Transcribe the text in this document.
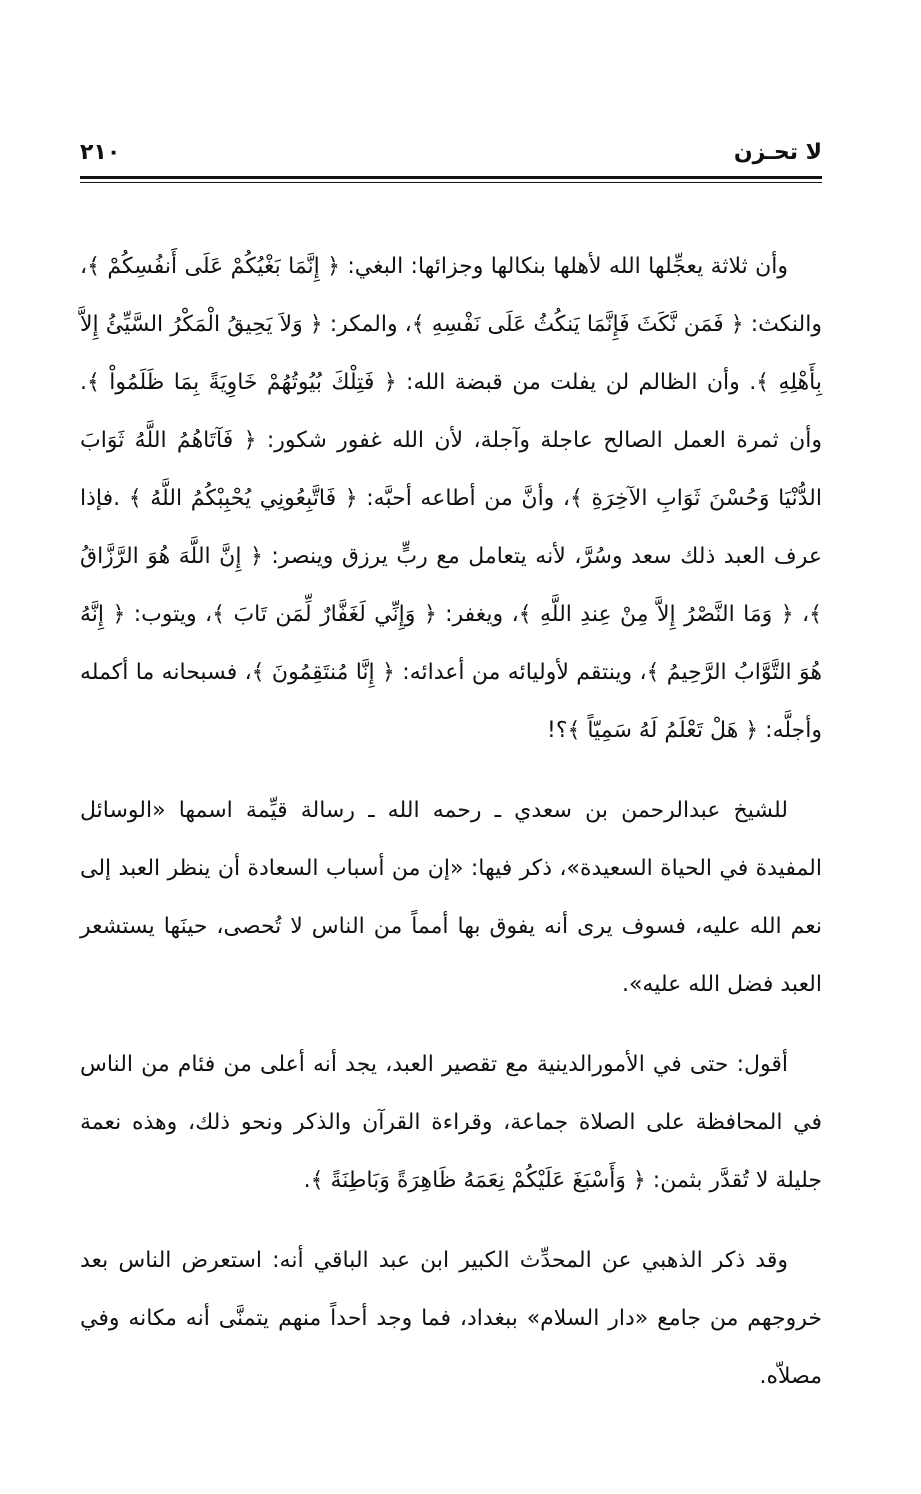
لا تحـزن
٢١٠

وأن ثلاثة يعجِّلها الله لأهلها بنكالها وجزائها: البغي: ﴿ إِنَّمَا بَغْيُكُمْ عَلَى أَنفُسِكُمْ ﴾، والنكث: ﴿ فَمَن نَّكَثَ فَإِنَّمَا يَنكُثُ عَلَى نَفْسِهِ ﴾، والمكر: ﴿ وَلاَ يَحِيقُ الْمَكْرُ السَّيِّئُ إِلاَّ بِأَهْلِهِ ﴾. وأن الظالم لن يفلت من قبضة الله: ﴿ فَتِلْكَ بُيُوتُهُمْ خَاوِيَةً بِمَا ظَلَمُواْ ﴾. وأن ثمرة العمل الصالح عاجلة وآجلة، لأن الله غفور شكور: ﴿ فَآتَاهُمُ اللَّهُ ثَوَابَ الدُّنْيَا وَحُسْنَ ثَوَابِ الآخِرَةِ ﴾، وأنَّ من أطاعه أحبَّه: ﴿ فَاتَّبِعُونِي يُحْبِبْكُمُ اللَّهُ ﴾ .فإذا عرف العبد ذلك سعد وسُرَّ، لأنه يتعامل مع ربٍّ يرزق وينصر: ﴿ إِنَّ اللَّهَ هُوَ الرَّزَّاقُ ﴾، ﴿ وَمَا النَّصْرُ إِلاَّ مِنْ عِندِ اللَّهِ ﴾، ويغفر: ﴿ وَإِنِّي لَغَفَّارٌ لِّمَن تَابَ ﴾، ويتوب: ﴿ إِنَّهُ هُوَ التَّوَّابُ الرَّحِيمُ ﴾، وينتقم لأوليائه من أعدائه: ﴿ إِنَّا مُنتَقِمُونَ ﴾، فسبحانه ما أكمله وأجلَّه: ﴿ هَلْ تَعْلَمُ لَهُ سَمِيّاً ﴾؟!

للشيخ عبدالرحمن بن سعدي ـ رحمه الله ـ رسالة قيِّمة اسمها «الوسائل المفيدة في الحياة السعيدة»، ذكر فيها: «إن من أسباب السعادة أن ينظر العبد إلى نعم الله عليه، فسوف يرى أنه يفوق بها أمماً من الناس لا تُحصى، حينَها يستشعر العبد فضل الله عليه».

أقول: حتى في الأمورالدينية مع تقصير العبد، يجد أنه أعلى من فئام من الناس في المحافظة على الصلاة جماعة، وقراءة القرآن والذكر ونحو ذلك، وهذه نعمة جليلة لا تُقدَّر بثمن: ﴿ وَأَسْبَغَ عَلَيْكُمْ نِعَمَهُ ظَاهِرَةً وَبَاطِنَةً ﴾.

وقد ذكر الذهبي عن المحدِّث الكبير ابن عبد الباقي أنه: استعرض الناس بعد خروجهم من جامع «دار السلام» ببغداد، فما وجد أحداً منهم يتمنَّى أنه مكانه وفي مصلاّه.
